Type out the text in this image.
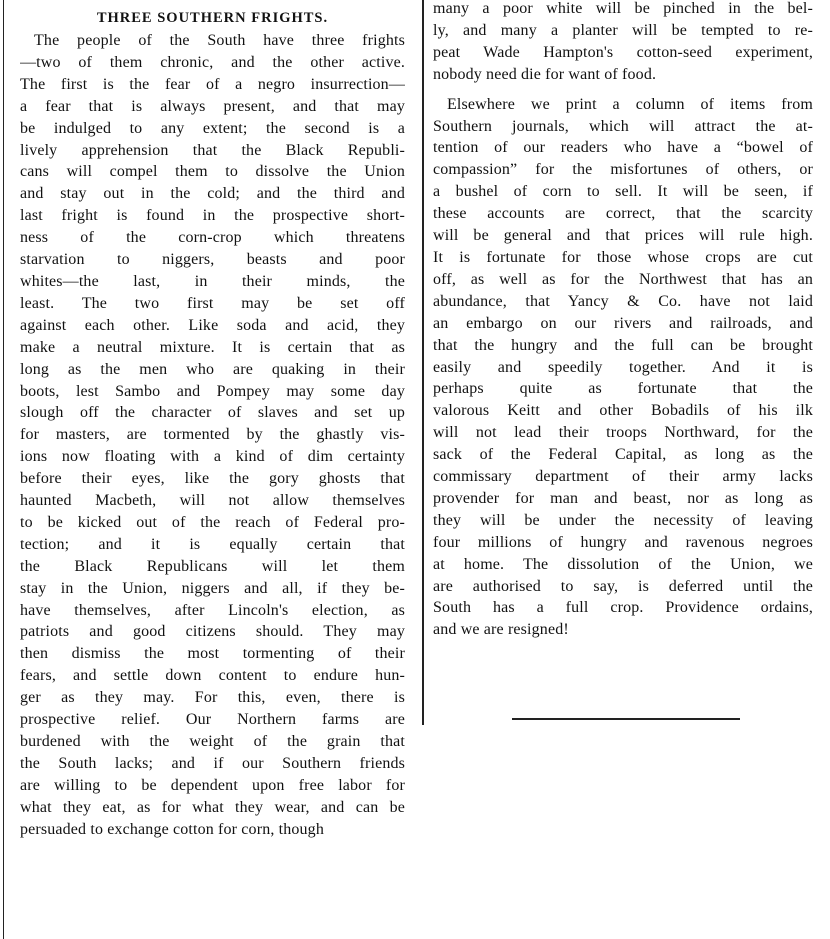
THREE SOUTHERN FRIGHTS.
The people of the South have three frights
—two of them chronic, and the other active.
The first is the fear of a negro insurrection—
a fear that is always present, and that may
be indulged to any extent; the second is a
lively apprehension that the Black Republi-
cans will compel them to dissolve the Union
and stay out in the cold; and the third and
last fright is found in the prospective short-
ness of the corn-crop which threatens
starvation to niggers, beasts and poor
whites—the last, in their minds, the
least. The two first may be set off
against each other. Like soda and acid, they
make a neutral mixture. It is certain that as
long as the men who are quaking in their
boots, lest Sambo and Pompey may some day
slough off the character of slaves and set up
for masters, are tormented by the ghastly vis-
ions now floating with a kind of dim certainty
before their eyes, like the gory ghosts that
haunted Macbeth, will not allow themselves
to be kicked out of the reach of Federal pro-
tection; and it is equally certain that
the Black Republicans will let them
stay in the Union, niggers and all, if they be-
have themselves, after Lincoln's election, as
patriots and good citizens should. They may
then dismiss the most tormenting of their
fears, and settle down content to endure hun-
ger as they may. For this, even, there is
prospective relief. Our Northern farms are
burdened with the weight of the grain that
the South lacks; and if our Southern friends
are willing to be dependent upon free labor for
what they eat, as for what they wear, and can be
persuaded to exchange cotton for corn, though
many a poor white will be pinched in the bel-
ly, and many a planter will be tempted to re-
peat Wade Hampton's cotton-seed experiment,
nobody need die for want of food.
Elsewhere we print a column of items from
Southern journals, which will attract the at-
tention of our readers who have a “bowel of
compassion” for the misfortunes of others, or
a bushel of corn to sell. It will be seen, if
these accounts are correct, that the scarcity
will be general and that prices will rule high.
It is fortunate for those whose crops are cut
off, as well as for the Northwest that has an
abundance, that Yancy & Co. have not laid
an embargo on our rivers and railroads, and
that the hungry and the full can be brought
easily and speedily together. And it is
perhaps quite as fortunate that the
valorous Keitt and other Bobadils of his ilk
will not lead their troops Northward, for the
sack of the Federal Capital, as long as the
commissary department of their army lacks
provender for man and beast, nor as long as
they will be under the necessity of leaving
four millions of hungry and ravenous negroes
at home. The dissolution of the Union, we
are authorised to say, is deferred until the
South has a full crop. Providence ordains,
and we are resigned!
